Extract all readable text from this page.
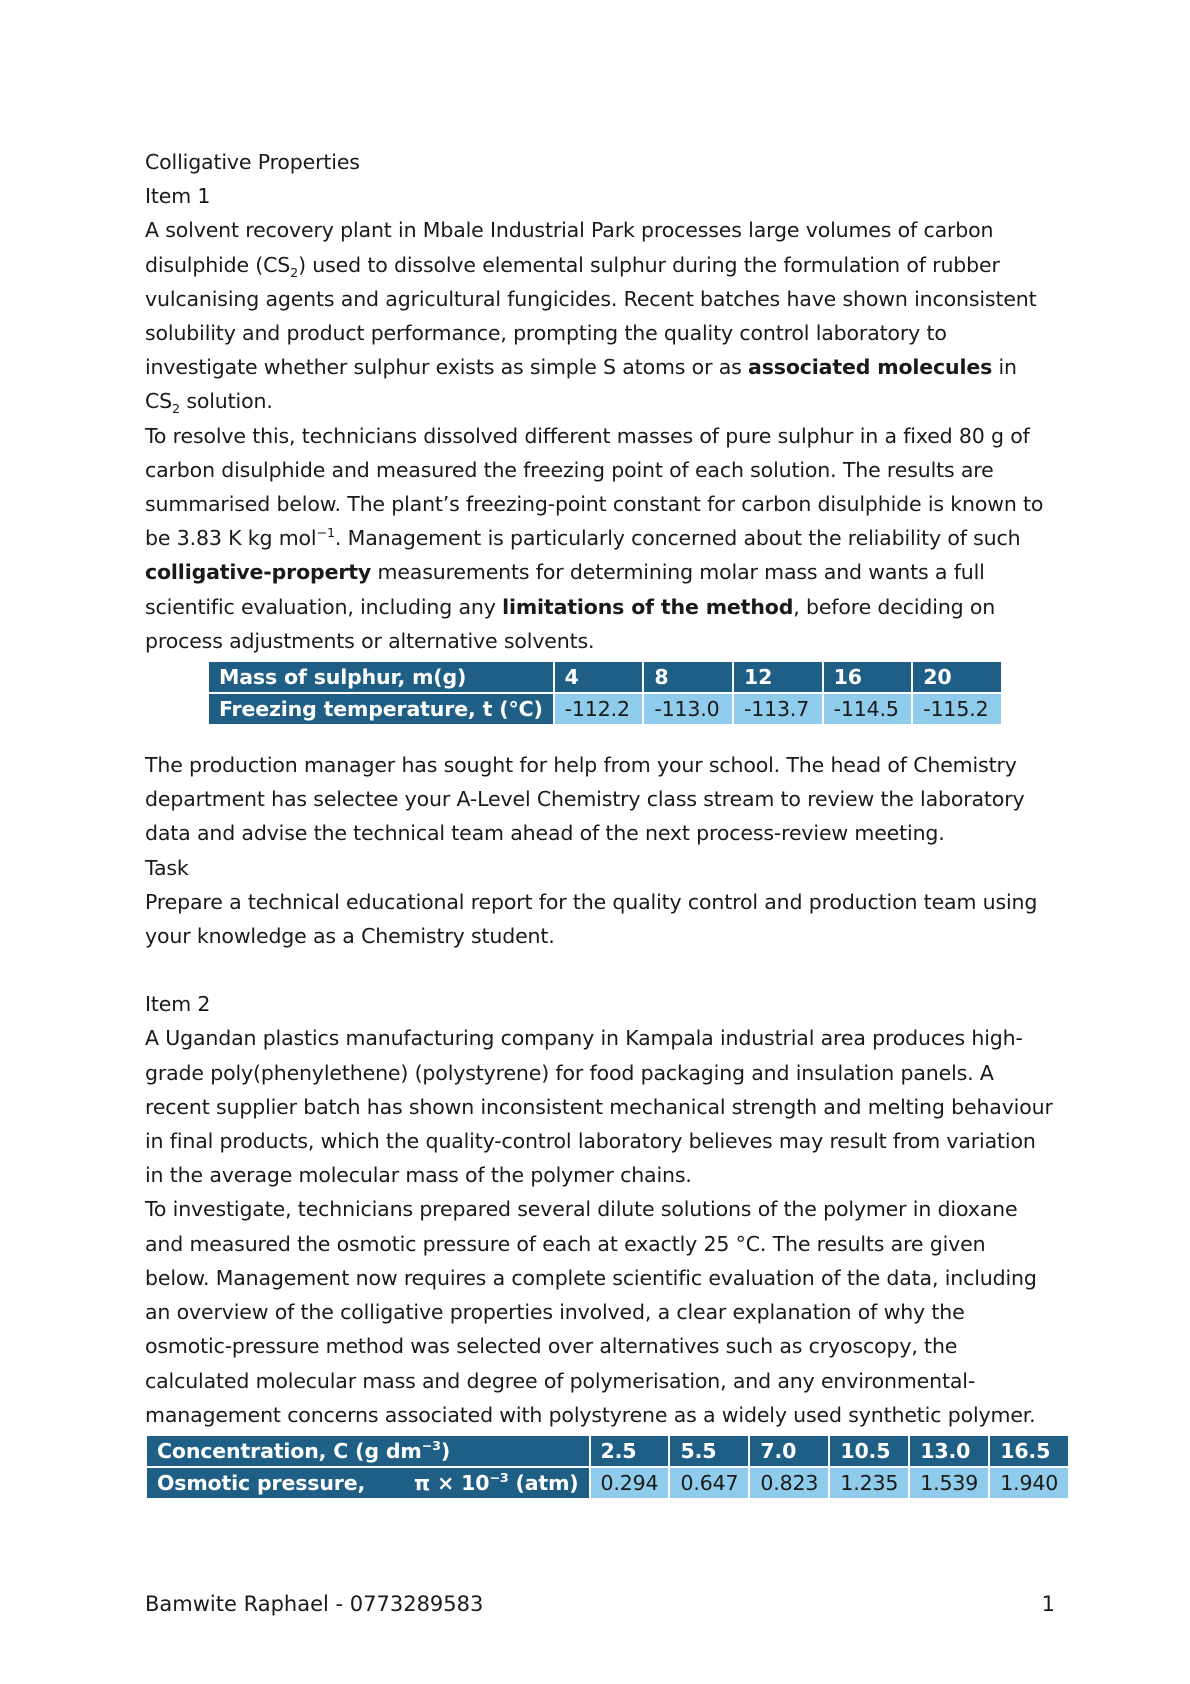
Colligative Properties

Item 1

A solvent recovery plant in Mbale Industrial Park processes large volumes of carbon disulphide $(CS_2)$ used to dissolve elemental sulphur during the formulation of rubber vulcanising agents and agricultural fungicides. Recent batches have shown inconsistent solubility and product performance, prompting the quality control laboratory to investigate whether sulphur exists as simple S atoms or as associated molecules in $CS_2$ solution.

To resolve this, technicians dissolved different masses of pure sulphur in a fixed 80 g of carbon disulphide and measured the freezing point of each solution. The results are summarised below. The plant’s freezing-point constant for carbon disulphide is known to be 3.83 K kg mol$^{-1}$. Management is particularly concerned about the reliability of such colligative-property measurements for determining molar mass and wants a full scientific evaluation, including any limitations of the method, before deciding on process adjustments or alternative solvents.

Mass of sulphur, m(g)	4	8	12	16	20
Freezing temperature, t (°C)	-112.2	-113.0	-113.7	-114.5	-115.2

The production manager has sought for help from your school. The head of Chemistry department has selectee your A-Level Chemistry class stream to review the laboratory data and advise the technical team ahead of the next process-review meeting.

Task

Prepare a technical educational report for the quality control and production team using your knowledge as a Chemistry student.

Item 2

A Ugandan plastics manufacturing company in Kampala industrial area produces high-grade poly(phenylethene) (polystyrene) for food packaging and insulation panels. A recent supplier batch has shown inconsistent mechanical strength and melting behaviour in final products, which the quality-control laboratory believes may result from variation in the average molecular mass of the polymer chains.

To investigate, technicians prepared several dilute solutions of the polymer in dioxane and measured the osmotic pressure of each at exactly 25 °C. The results are given below. Management now requires a complete scientific evaluation of the data, including an overview of the colligative properties involved, a clear explanation of why the osmotic-pressure method was selected over alternatives such as cryoscopy, the calculated molecular mass and degree of polymerisation, and any environmental-management concerns associated with polystyrene as a widely used synthetic polymer.

Concentration, C (g $dm^{-3}$)	2.5	5.5	7.0	10.5	13.0	16.5
Osmotic pressure,       $\pi \times 10^{-3}$ (atm)	0.294	0.647	0.823	1.235	1.539	1.940
Bamwite Raphael - 0773289583	1
